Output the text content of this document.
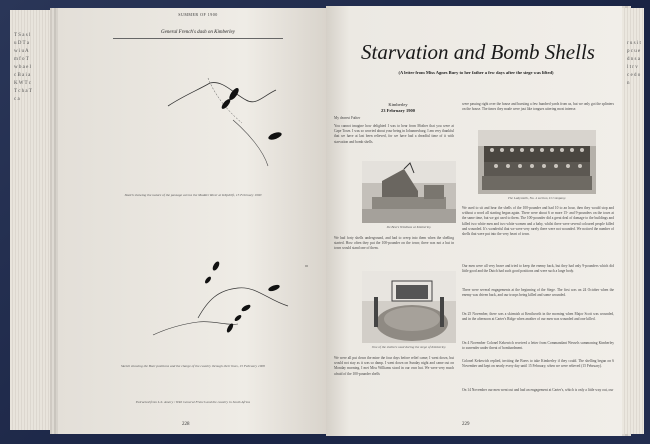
T S a s l u D T a w i u A m f o T w b a e l c B a i a K W T c T c h a T c a
SUMMER OF 1900
General French's dash on Kimberley
Sketch showing the nature of the passage across the Modder River at Klipdrift, 15 February 1900
Sketch showing the Boer positions and the charge of the cavalry through their lines, 15 February 1900
Extracted from L.S. Amery / With General French and the cavalry in South Africa
228
Starvation and Bomb Shells
(A letter from Miss Agnes Bury to her father a few days after the siege was lifted)
Kimberley
23 February 1900
My dearest Father
You cannot imagine how delighted I was to hear from Mother that you were at Cape Town. I was so worried about your being in Johannesburg. I am very thankful that we have at last been relieved, for we have had a dreadful time of it with starvation and bomb shells.
De Beers Windlass at Kimberley.
We had forty shells underground, and had to creep into them when the shelling started. How often they put the 100-pounder on the town; there was not a hut in town would stand one of them.
One of the shelters used during the siege of Kimberley.
We were all put down the mine the four days before relief came; I went down, but would not stay as it was so damp. I went down on Sunday night and came out on Monday morning. I met Miss Williams stood in our own hut. We were very much afraid of the 100-pounder shells
were passing right over the house and bursting a few hundred yards from us, but we only got the splinters on the house. The times they made were just like tongues uttering most intense.
The Ladysmith, No. 4 section, D Company.
We used to sit and hear the shells of the 100-pounder and had 10 to an hour, then they would stop and without a word all starting began again. There were about 6 or more 15- and 9-pounders on the town at the same time, but we got used to them. The 100-pounder did a great deal of damage to the buildings and killed two white men and two white women and a baby, whilst there were several coloured people killed and wounded. It's wonderful that we were very rarely there were not wounded. We noticed the number of shells that were put into the very heart of town.
Our men were all very brave and tried to keep the enemy back, but they had only 9-pounders which did little good and the Dutch had such good positions and were such a large body.
There were several engagements at the beginning of the Siege. The first was on 24 October when the enemy was driven back, and our troops being killed and some wounded.
On 25 November, there was a skirmish at Kenilworth in the morning when Major Scott was wounded, and in the afternoon at Carter's Ridge when another of our men was wounded and one killed.
On 4 November Colonel Kekewich received a letter from Commandant Wessels summoning Kimberley to surrender under threat of bombardment.
Colonel Kekewich replied, inviting the Boers to take Kimberley if they could. The shelling began on 6 November and kept on nearly every day until 15 February, when we were relieved (15 February).
On 14 November our men went out and had an engagement at Carter's, which is only a little way out, our
229
r u s i t p c u e d n s a l t r v c e d o n
